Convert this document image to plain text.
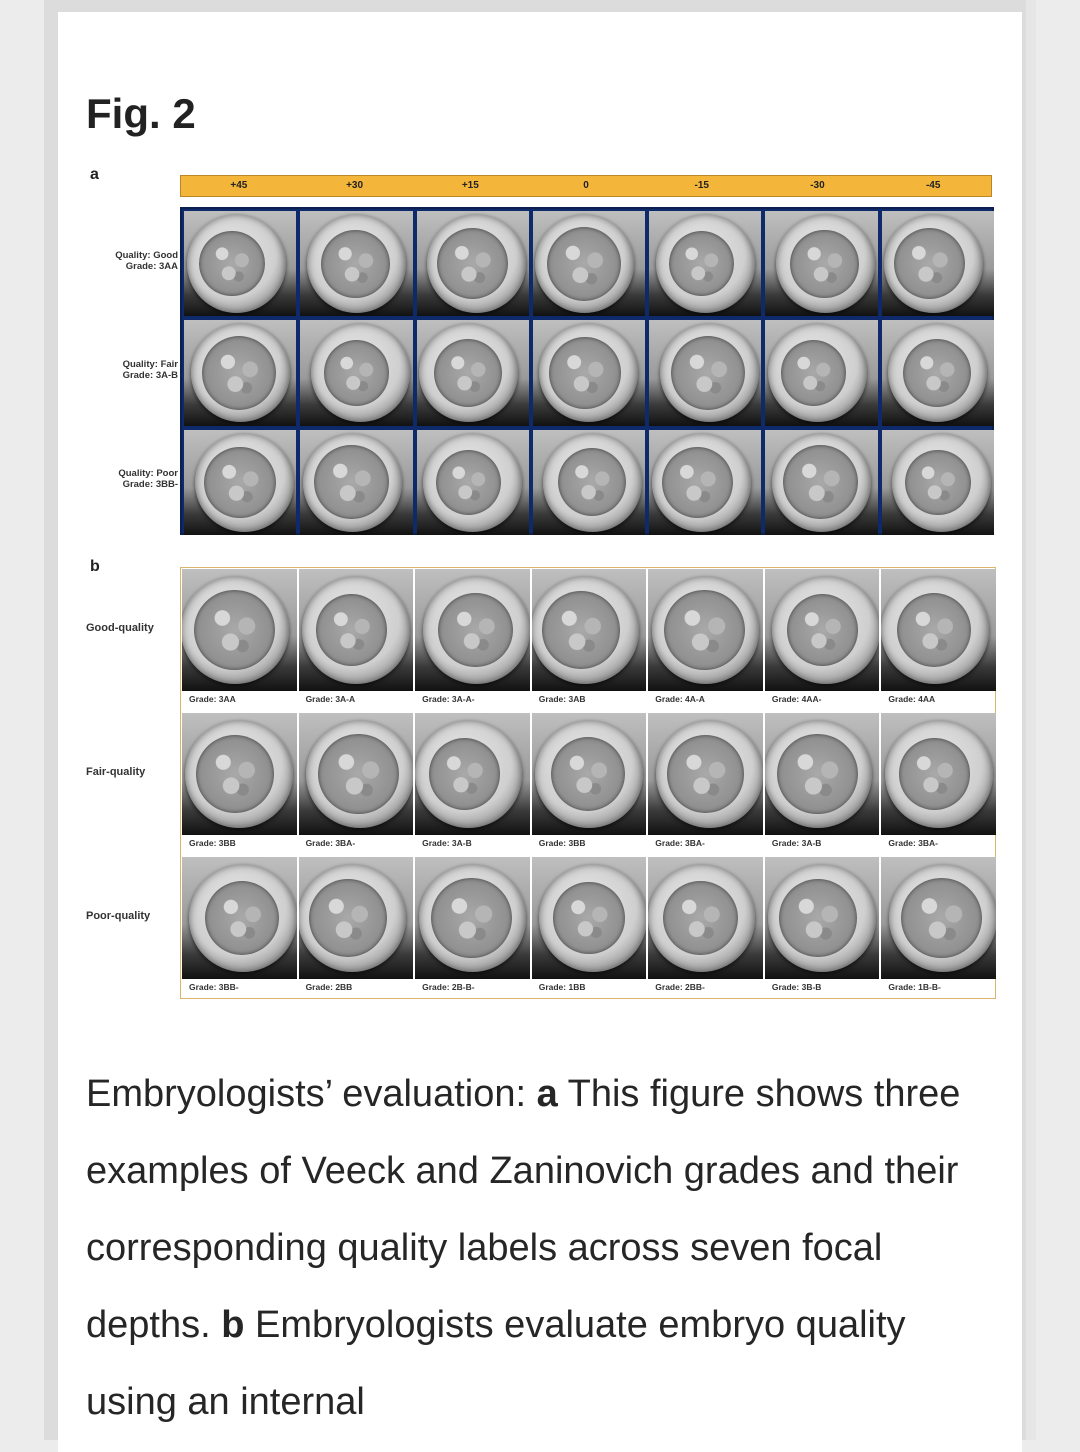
Fig. 2
a
+45	+30	+15	0	-15	-30	-45
Quality: Good
Grade: 3AA
Quality: Fair
Grade: 3A-B
Quality: Poor
Grade: 3BB-
b
Good-quality
Fair-quality
Poor-quality
Grade: 3AA	Grade: 3A-A	Grade: 3A-A-	Grade: 3AB	Grade: 4A-A	Grade: 4AA-	Grade: 4AA
Grade: 3BB	Grade: 3BA-	Grade: 3A-B	Grade: 3BB	Grade: 3BA-	Grade: 3A-B	Grade: 3BA-
Grade: 3BB-	Grade: 2BB	Grade: 2B-B-	Grade: 1BB	Grade: 2BB-	Grade: 3B-B	Grade: 1B-B-
Embryologists’ evaluation: a This figure shows three examples of Veeck and Zaninovich grades and their corresponding quality labels across seven focal depths. b Embryologists evaluate embryo quality using an internal
